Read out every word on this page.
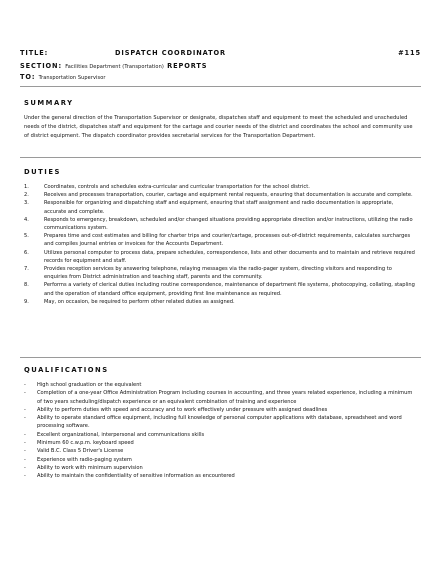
TITLE:	DISPATCH COORDINATOR	#115
SECTION: Facilities Department (Transportation) REPORTS
TO: Transportation Supervisor
SUMMARY
Under the general direction of the Transportation Supervisor or designate, dispatches staff and equipment to meet the scheduled and unscheduled needs of the district, dispatches staff and equipment for the cartage and courier needs of the district and coordinates the school and community use of district equipment. The dispatch coordinator provides secretarial services for the Transportation Department.
DUTIES
1.	Coordinates, controls and schedules extra-curricular and curricular transportation for the school district.
2.	Receives and processes transportation, courier, cartage and equipment rental requests, ensuring that documentation is accurate and complete.
3.	Responsible for organizing and dispatching staff and equipment, ensuring that staff assignment and radio documentation is appropriate, accurate and complete.
4.	Responds to emergency, breakdown, scheduled and/or changed situations providing appropriate direction and/or instructions, utilizing the radio communications system.
5.	Prepares time and cost estimates and billing for charter trips and courier/cartage, processes out-of-district requirements, calculates surcharges and compiles journal entries or invoices for the Accounts Department.
6.	Utilizes personal computer to process data, prepare schedules, correspondence, lists and other documents and to maintain and retrieve required records for equipment and staff.
7.	Provides reception services by answering telephone, relaying messages via the radio-pager system, directing visitors and responding to enquiries from District administration and teaching staff, parents and the community.
8.	Performs a variety of clerical duties including routine correspondence, maintenance of department file systems, photocopying, collating, stapling and the operation of standard office equipment, providing first line maintenance as required.
9.	May, on occasion, be required to perform other related duties as assigned.
QUALIFICATIONS
- High school graduation or the equivalent
- Completion of a one-year Office Administration Program including courses in accounting, and three years related experience, including a minimum of two years scheduling/dispatch experience or an equivalent combination of training and experience
- Ability to perform duties with speed and accuracy and to work effectively under pressure with assigned deadlines
- Ability to operate standard office equipment, including full knowledge of personal computer applications with database, spreadsheet and word processing software.
- Excellent organizational, interpersonal and communications skills
- Minimum 60 c.w.p.m. keyboard speed
- Valid B.C. Class 5 Driver's License
- Experience with radio-paging system
- Ability to work with minimum supervision
- Ability to maintain the confidentiality of sensitive information as encountered
